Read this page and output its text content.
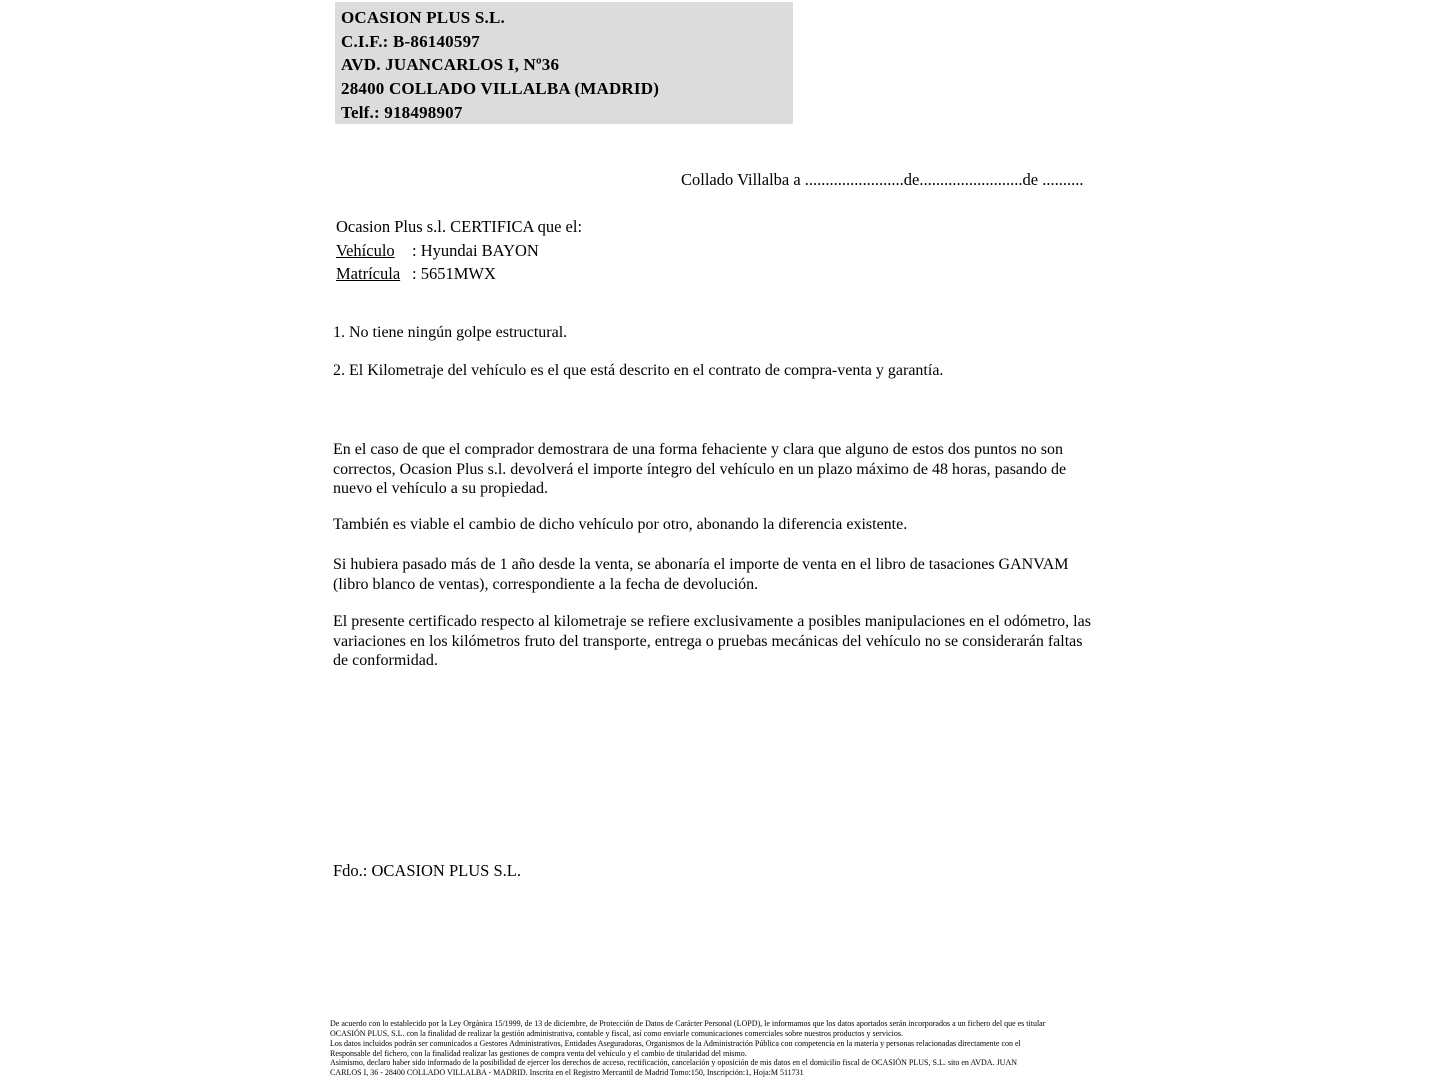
OCASION PLUS S.L.
C.I.F.: B-86140597
AVD. JUANCARLOS I, Nº36
28400 COLLADO VILLALBA (MADRID)
Telf.: 918498907
Collado Villalba a ........................de.........................de ..........
Ocasion Plus s.l. CERTIFICA que el:
Vehículo : Hyundai BAYON
Matrícula : 5651MWX
1. No tiene ningún golpe estructural.
2. El Kilometraje del vehículo es el que está descrito en el contrato de compra-venta y garantía.
En el caso de que el comprador demostrara de una forma fehaciente y clara que alguno de estos dos puntos no son correctos, Ocasion Plus s.l. devolverá el importe íntegro del vehículo en un plazo máximo de 48 horas, pasando de nuevo el vehículo a su propiedad.
También es viable el cambio de dicho vehículo por otro, abonando la diferencia existente.
Si hubiera pasado más de 1 año desde la venta, se abonaría el importe de venta en el libro de tasaciones GANVAM (libro blanco de ventas), correspondiente a la fecha de devolución.
El presente certificado respecto al kilometraje se refiere exclusivamente a posibles manipulaciones en el odómetro, las variaciones en los kilómetros fruto del transporte, entrega o pruebas mecánicas del vehículo no se considerarán faltas de conformidad.
Fdo.: OCASION PLUS S.L.
De acuerdo con lo establecido por la Ley Orgánica 15/1999, de 13 de diciembre, de Protección de Datos de Carácter Personal (LOPD), le informamos que los datos aportados serán incorporados a un fichero del que es titular
OCASIÓN PLUS, S.L. con la finalidad de realizar la gestión administrativa, contable y fiscal, así como enviarle comunicaciones comerciales sobre nuestros productos y servicios.
Los datos incluidos podrán ser comunicados a Gestores Administrativos, Entidades Aseguradoras, Organismos de la Administración Pública con competencia en la materia y personas relacionadas directamente con el
Responsable del fichero, con la finalidad realizar las gestiones de compra venta del vehículo y el cambio de titularidad del mismo.
Asimismo, declaro haber sido informado de la posibilidad de ejercer los derechos de acceso, rectificación, cancelación y oposición de mis datos en el domicilio fiscal de OCASIÓN PLUS, S.L. sito en AVDA. JUAN
CARLOS I, 36 - 28400 COLLADO VILLALBA - MADRID. Inscrita en el Registro Mercantil de Madrid Tomo:150, Inscripción:1, Hoja:M 511731
